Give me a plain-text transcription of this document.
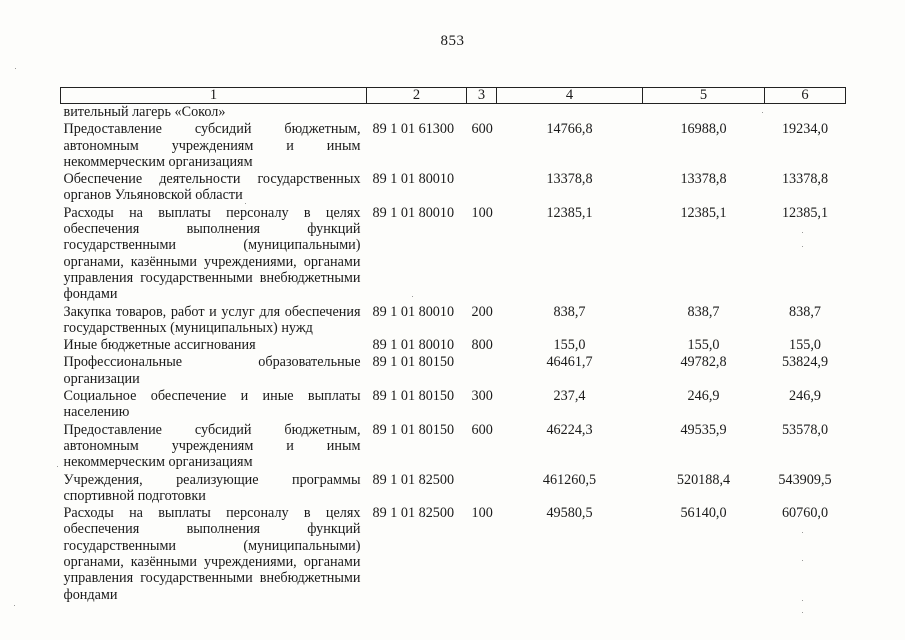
853
1	2	3	4	5	6
вительный лагерь «Сокол»					
Предоставление субсидий бюджетным, автономным учреждениям и иным некоммерческим организациям	89 1 01 61300	600	14766,8	16988,0	19234,0
Обеспечение деятельности государственных органов Ульяновской области	89 1 01 80010		13378,8	13378,8	13378,8
Расходы на выплаты персоналу в целях обеспечения выполнения функций государственными (муниципальными) органами, казёнными учреждениями, органами управления государственными внебюджетными фондами	89 1 01 80010	100	12385,1	12385,1	12385,1
Закупка товаров, работ и услуг для обеспечения государственных (муниципальных) нужд	89 1 01 80010	200	838,7	838,7	838,7
Иные бюджетные ассигнования	89 1 01 80010	800	155,0	155,0	155,0
Профессиональные образовательные организации	89 1 01 80150		46461,7	49782,8	53824,9
Социальное обеспечение и иные выплаты населению	89 1 01 80150	300	237,4	246,9	246,9
Предоставление субсидий бюджетным, автономным учреждениям и иным некоммерческим организациям	89 1 01 80150	600	46224,3	49535,9	53578,0
Учреждения, реализующие программы спортивной подготовки	89 1 01 82500		461260,5	520188,4	543909,5
Расходы на выплаты персоналу в целях обеспечения выполнения функций государственными (муниципальными) органами, казёнными учреждениями, органами управления государственными внебюджетными фондами	89 1 01 82500	100	49580,5	56140,0	60760,0
